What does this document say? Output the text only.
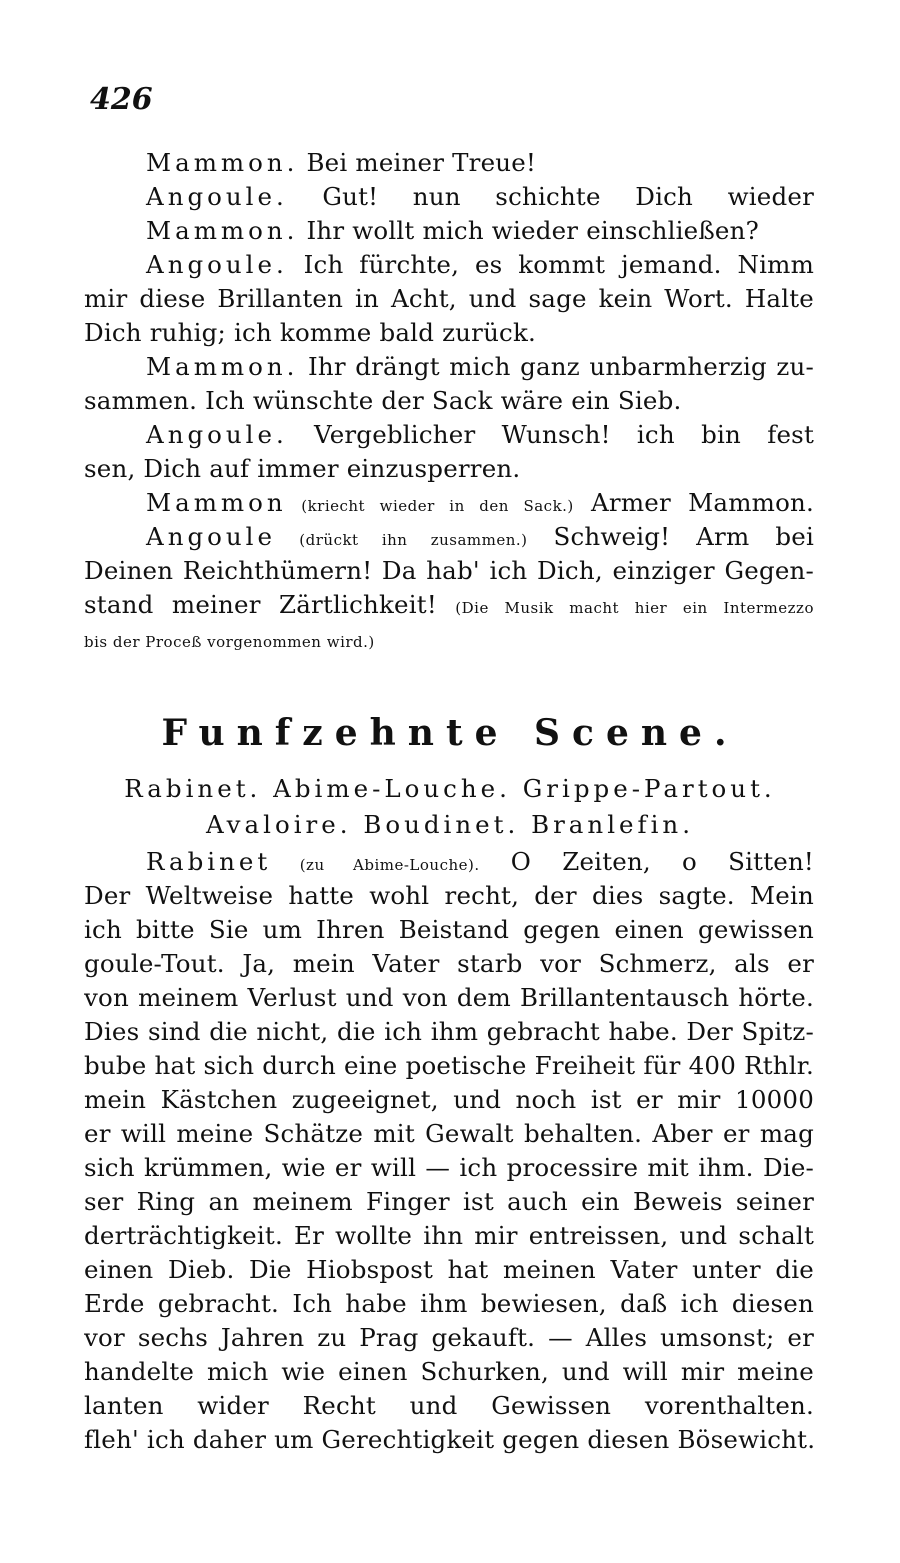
426
Mammon. Bei meiner Treue!
Angoule. Gut! nun schichte Dich wieder
Mammon. Ihr wollt mich wieder einschließen?
Angoule. Ich fürchte, es kommt jemand. Nimm
mir diese Brillanten in Acht, und sage kein Wort. Halte
Dich ruhig; ich komme bald zurück.
Mammon. Ihr drängt mich ganz unbarmherzig zu-
sammen. Ich wünschte der Sack wäre ein Sieb.
Angoule. Vergeblicher Wunsch! ich bin fest
sen, Dich auf immer einzusperren.
Mammon (kriecht wieder in den Sack.) Armer Mammon.
Angoule (drückt ihn zusammen.) Schweig! Arm bei
Deinen Reichthümern! Da hab' ich Dich, einziger Gegen-
stand meiner Zärtlichkeit! (Die Musik macht hier ein Intermezzo
bis der Proceß vorgenommen wird.)
Funfzehnte Scene.
Rabinet. Abime-Louche. Grippe-Partout.
Avaloire. Boudinet. Branlefin.
Rabinet (zu Abime-Louche). O Zeiten, o Sitten!
Der Weltweise hatte wohl recht, der dies sagte. Mein
ich bitte Sie um Ihren Beistand gegen einen gewissen
goule-Tout. Ja, mein Vater starb vor Schmerz, als er
von meinem Verlust und von dem Brillantentausch hörte.
Dies sind die nicht, die ich ihm gebracht habe. Der Spitz-
bube hat sich durch eine poetische Freiheit für 400 Rthlr.
mein Kästchen zugeeignet, und noch ist er mir 10000
er will meine Schätze mit Gewalt behalten. Aber er mag
sich krümmen, wie er will — ich processire mit ihm. Die-
ser Ring an meinem Finger ist auch ein Beweis seiner
derträchtigkeit. Er wollte ihn mir entreissen, und schalt
einen Dieb. Die Hiobspost hat meinen Vater unter die
Erde gebracht. Ich habe ihm bewiesen, daß ich diesen
vor sechs Jahren zu Prag gekauft. — Alles umsonst; er
handelte mich wie einen Schurken, und will mir meine
lanten wider Recht und Gewissen vorenthalten.
fleh' ich daher um Gerechtigkeit gegen diesen Bösewicht.
